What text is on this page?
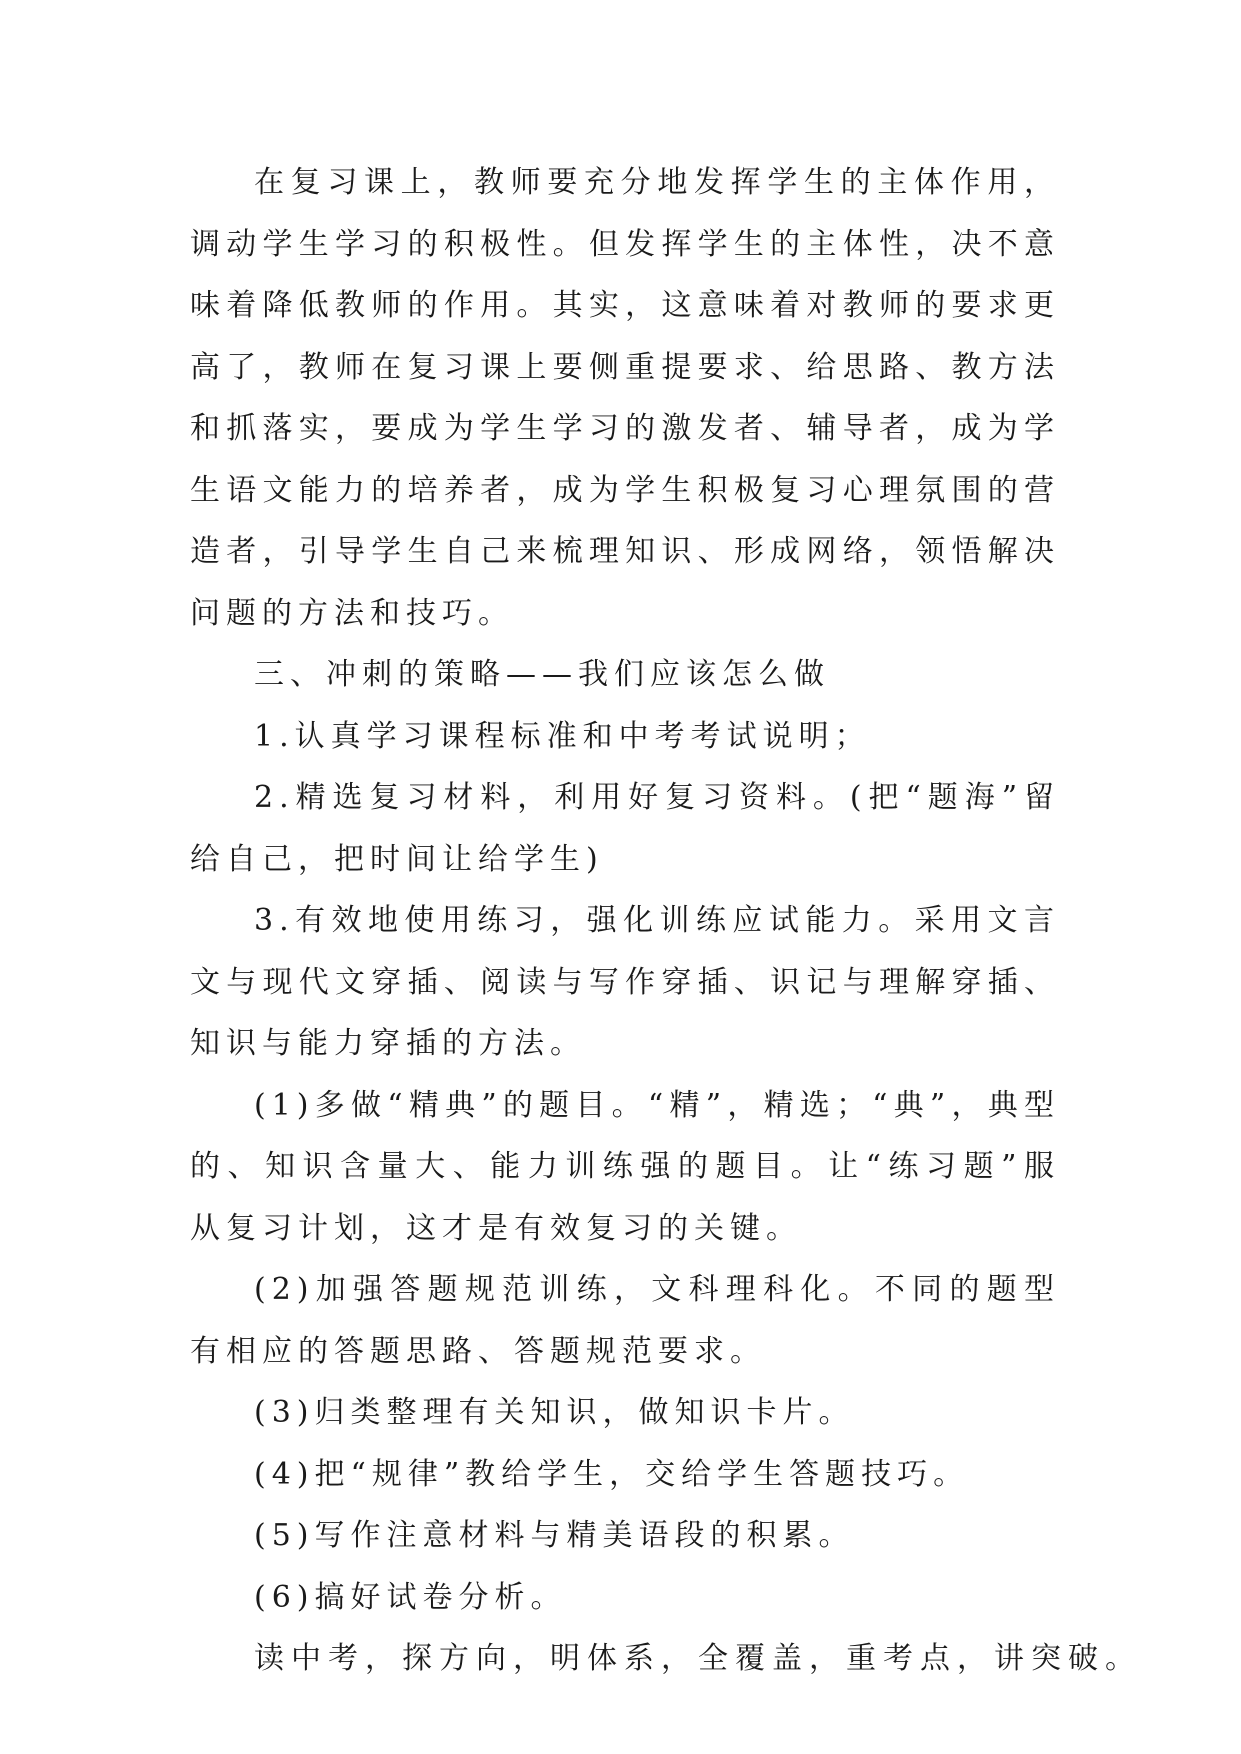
在复习课上，教师要充分地发挥学生的主体作用，调动学生学习的积极性。但发挥学生的主体性，决不意味着降低教师的作用。其实，这意味着对教师的要求更高了，教师在复习课上要侧重提要求、给思路、教方法和抓落实，要成为学生学习的激发者、辅导者，成为学生语文能力的培养者，成为学生积极复习心理氛围的营造者，引导学生自己来梳理知识、形成网络，领悟解决问题的方法和技巧。

三、冲刺的策略——我们应该怎么做

1.认真学习课程标准和中考考试说明；

2.精选复习材料，利用好复习资料。(把“题海”留给自己，把时间让给学生)

3.有效地使用练习，强化训练应试能力。采用文言文与现代文穿插、阅读与写作穿插、识记与理解穿插、知识与能力穿插的方法。

(1)多做“精典”的题目。“精”，精选；“典”，典型的、知识含量大、能力训练强的题目。让“练习题”服从复习计划，这才是有效复习的关键。

(2)加强答题规范训练，文科理科化。不同的题型有相应的答题思路、答题规范要求。

(3)归类整理有关知识，做知识卡片。

(4)把“规律”教给学生，交给学生答题技巧。

(5)写作注意材料与精美语段的积累。

(6)搞好试卷分析。

读中考，探方向，明体系，全覆盖，重考点，讲突破。
